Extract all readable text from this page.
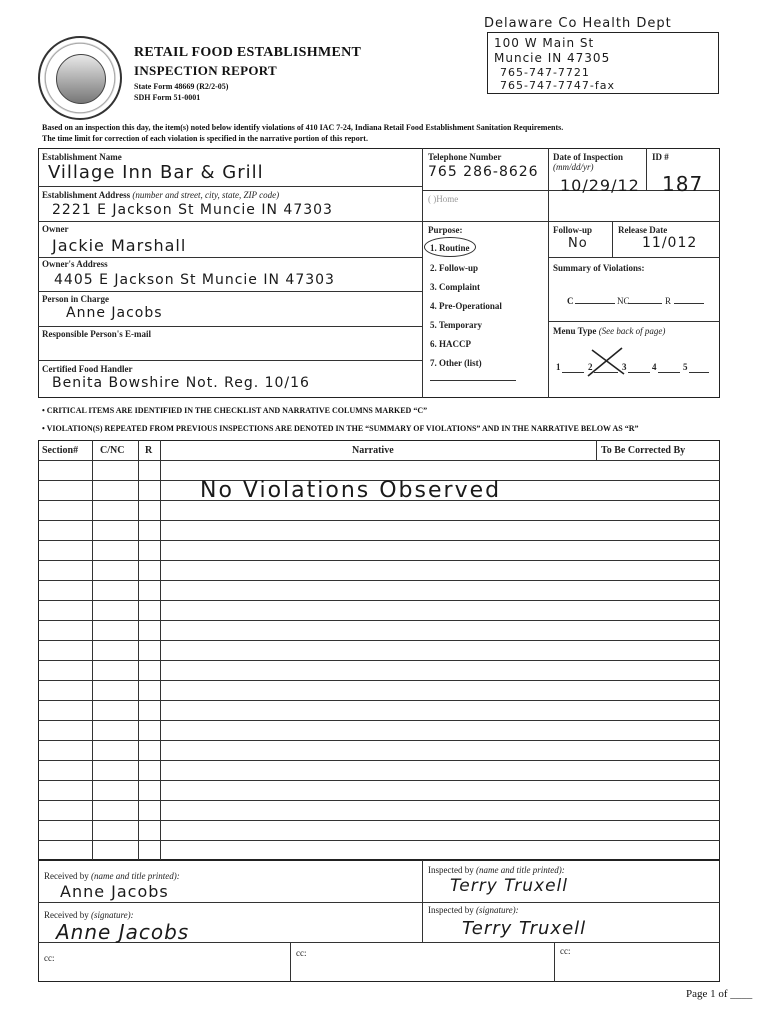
RETAIL FOOD ESTABLISHMENT
INSPECTION REPORT
State Form 48669 (R2/2-05)
SDH Form 51-0001
Delaware Co Health Dept
100 W Main St
Muncie IN 47305
765-747-7721
765-747-7747-fax
Based on an inspection this day, the item(s) noted below identify violations of 410 IAC 7-24, Indiana Retail Food Establishment Sanitation Requirements.
The time limit for correction of each violation is specified in the narrative portion of this report.
Establishment Name
Village Inn Bar & Grill
Establishment Address (number and street, city, state, ZIP code)
2221 E Jackson St Muncie IN 47303
Owner
Jackie Marshall
Owner's Address
4405 E Jackson St Muncie IN 47303
Person in Charge
Anne Jacobs
Responsible Person's E-mail
Certified Food Handler
Benita Bowshire Not. Reg. 10/16
Telephone Number
765 286-8626
( )Home
Purpose:
1. Routine
2. Follow-up
3. Complaint
4. Pre-Operational
5. Temporary
6. HACCP
7. Other (list)
Date of Inspection
(mm/dd/yr)
10/29/12
ID #
187
Follow-up
No
Release Date
11/012
Summary of Violations:
C	NC	R
Menu Type (See back of page)
1	2	3	4	5
• CRITICAL ITEMS ARE IDENTIFIED IN THE CHECKLIST AND NARRATIVE COLUMNS MARKED “C”
• VIOLATION(S) REPEATED FROM PREVIOUS INSPECTIONS ARE DENOTED IN THE “SUMMARY OF VIOLATIONS” AND IN THE NARRATIVE BELOW AS “R”
Section# C/NC R	Narrative	To Be Corrected By
No Violations Observed
Received by (name and title printed):
Anne Jacobs
Received by (signature):
Anne Jacobs
Inspected by (name and title printed):
Terry Truxell
Inspected by (signature):
Terry Truxell
cc:	cc:	cc:
Page 1 of ____
